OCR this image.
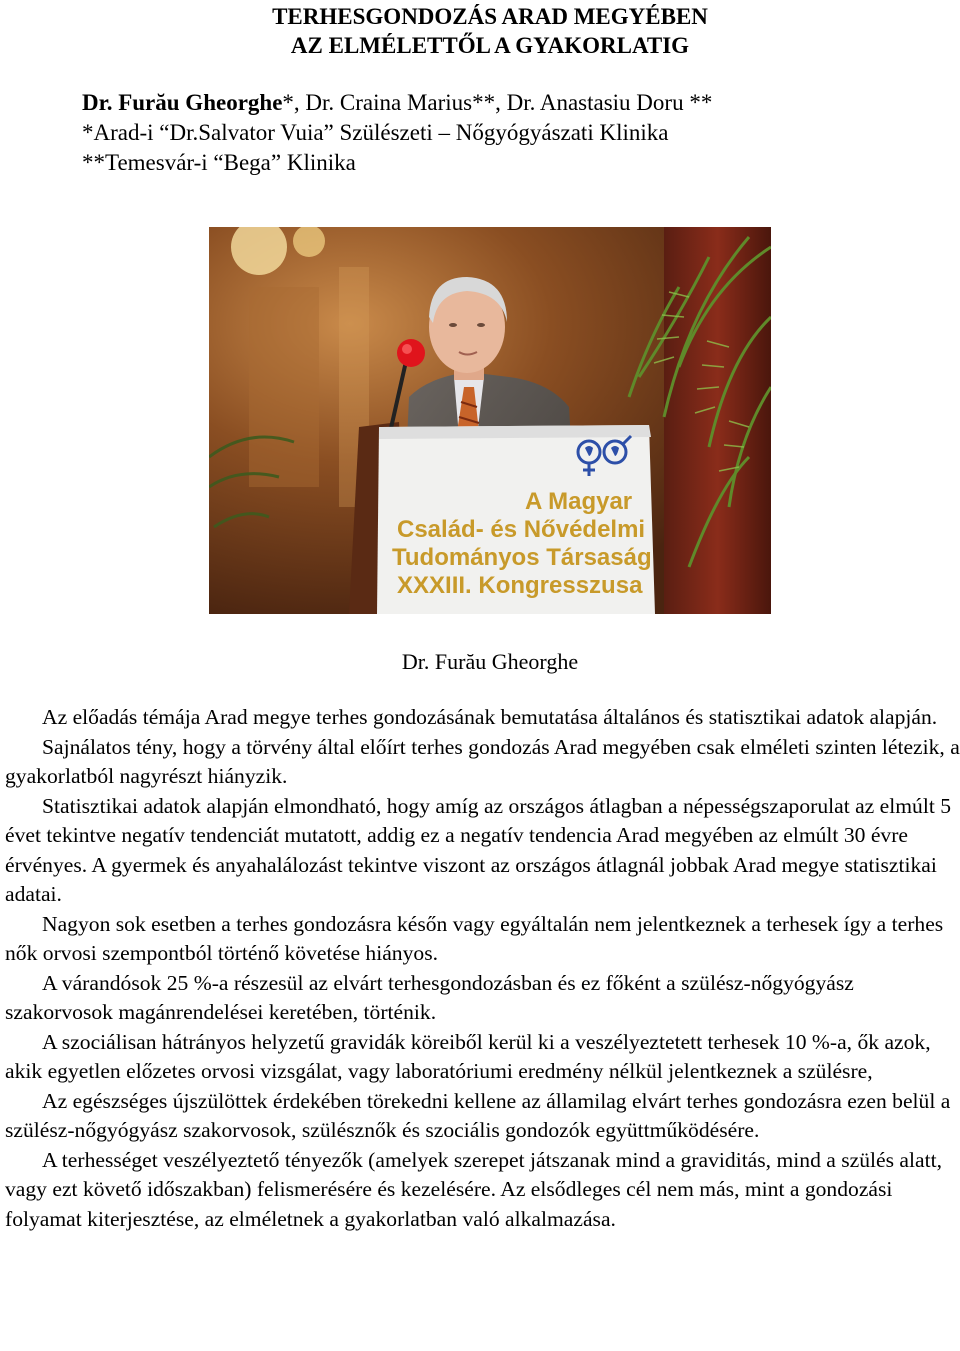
TERHESGONDOZÁS ARAD MEGYÉBEN
AZ ELMÉLETTŐL A GYAKORLATIG
Dr. Furău Gheorghe*, Dr. Craina Marius**, Dr. Anastasiu Doru **
*Arad-i “Dr.Salvator Vuia” Szülészeti – Nőgyógyászati Klinika
**Temesvár-i “Bega” Klinika
A Magyar
Család- és Nővédelmi
Tudományos Társaság
XXXIII. Kongresszusa
Dr. Furău Gheorghe

Az előadás témája Arad megye terhes gondozásának bemutatása általános és statisztikai adatok alapján.

Sajnálatos tény, hogy a törvény által előírt terhes gondozás Arad megyében csak elméleti szinten létezik, a gyakorlatból nagyrészt hiányzik.

Statisztikai adatok alapján elmondható, hogy amíg az országos átlagban a népességszaporulat az elmúlt 5 évet tekintve negatív tendenciát mutatott, addig ez a negatív tendencia Arad megyében az elmúlt 30 évre érvényes. A gyermek és anyahalálozást tekintve viszont az országos átlagnál jobbak Arad megye statisztikai adatai.

Nagyon sok esetben a terhes gondozásra későn vagy egyáltalán nem jelentkeznek a terhesek így a terhes nők orvosi szempontból történő követése hiányos.

A várandósok 25 %-a részesül az elvárt terhesgondozásban és ez főként a szülész-nőgyógyász szakorvosok magánrendelései keretében, történik.

A szociálisan hátrányos helyzetű gravidák köreiből kerül ki a veszélyeztetett terhesek 10 %-a, ők azok, akik egyetlen előzetes orvosi vizsgálat, vagy laboratóriumi eredmény nélkül jelentkeznek a szülésre,

Az egészséges újszülöttek érdekében törekedni kellene az államilag elvárt terhes gondozásra ezen belül a szülész-nőgyógyász szakorvosok, szülésznők és szociális gondozók együttműködésére.

A terhességet veszélyeztető tényezők (amelyek szerepet játszanak mind a graviditás, mind a szülés alatt, vagy ezt követő időszakban) felismerésére és kezelésére. Az elsődleges cél nem más, mint a gondozási folyamat kiterjesztése, az elméletnek a gyakorlatban való alkalmazása.
